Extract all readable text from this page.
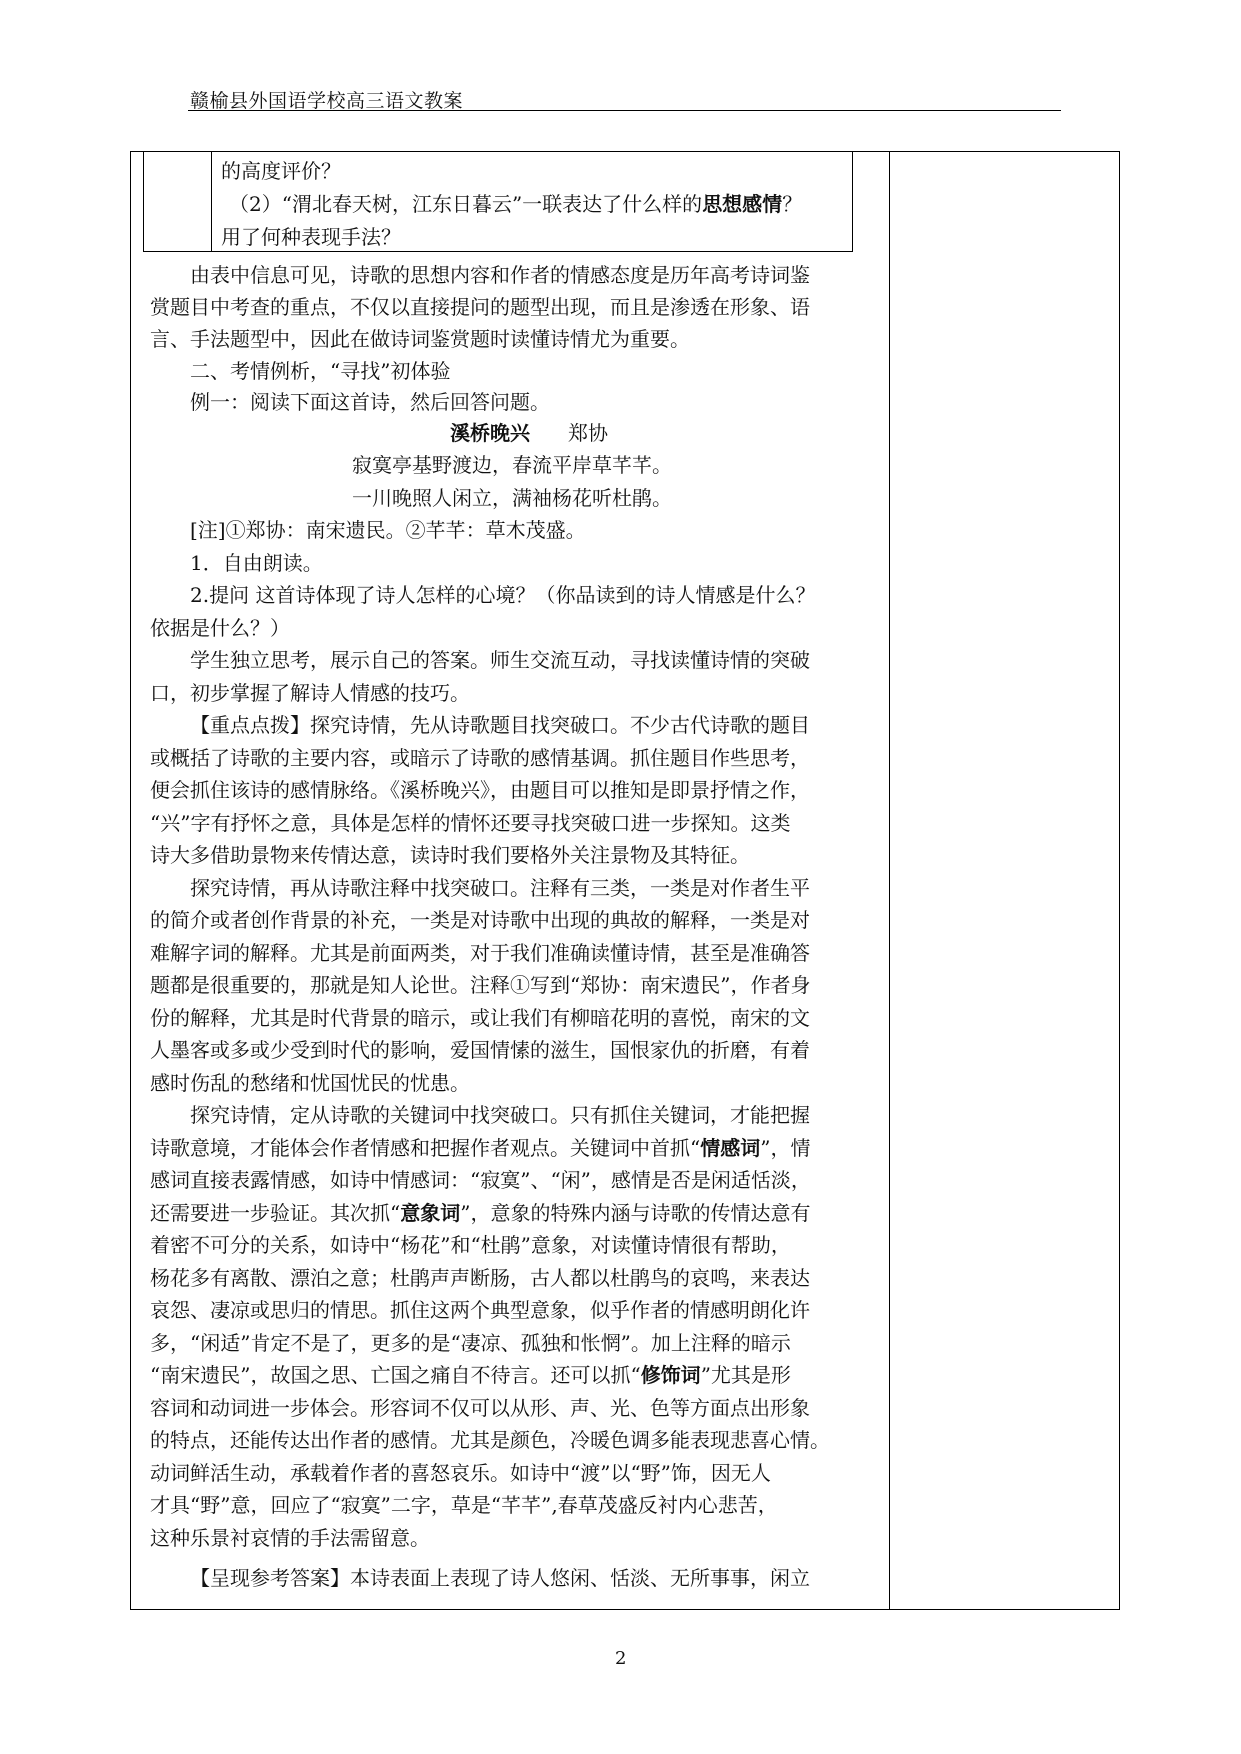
赣榆县外国语学校高三语文教案
的高度评价？
（2）“渭北春天树，江东日暮云”一联表达了什么样的思想感情？
用了何种表现手法？
由表中信息可见，诗歌的思想内容和作者的情感态度是历年高考诗词鉴
赏题目中考查的重点，不仅以直接提问的题型出现，而且是渗透在形象、语
言、手法题型中，因此在做诗词鉴赏题时读懂诗情尤为重要。
二、考情例析，“寻找”初体验
例一：阅读下面这首诗，然后回答问题。
溪桥晚兴 郑协
寂寞亭基野渡边，春流平岸草芊芊。
一川晚照人闲立，满袖杨花听杜鹃。
[注]①郑协：南宋遗民。②芊芊：草木茂盛。
1．自由朗读。
2.提问 这首诗体现了诗人怎样的心境？（你品读到的诗人情感是什么？
依据是什么？）
学生独立思考，展示自己的答案。师生交流互动，寻找读懂诗情的突破
口，初步掌握了解诗人情感的技巧。
【重点点拨】探究诗情，先从诗歌题目找突破口。不少古代诗歌的题目
或概括了诗歌的主要内容，或暗示了诗歌的感情基调。抓住题目作些思考，
便会抓住该诗的感情脉络。《溪桥晚兴》，由题目可以推知是即景抒情之作，
“兴”字有抒怀之意，具体是怎样的情怀还要寻找突破口进一步探知。这类
诗大多借助景物来传情达意，读诗时我们要格外关注景物及其特征。
探究诗情，再从诗歌注释中找突破口。注释有三类，一类是对作者生平
的简介或者创作背景的补充，一类是对诗歌中出现的典故的解释，一类是对
难解字词的解释。尤其是前面两类，对于我们准确读懂诗情，甚至是准确答
题都是很重要的，那就是知人论世。注释①写到“郑协：南宋遗民”，作者身
份的解释，尤其是时代背景的暗示，或让我们有柳暗花明的喜悦，南宋的文
人墨客或多或少受到时代的影响，爱国情愫的滋生，国恨家仇的折磨，有着
感时伤乱的愁绪和忧国忧民的忧患。
探究诗情，定从诗歌的关键词中找突破口。只有抓住关键词，才能把握
诗歌意境，才能体会作者情感和把握作者观点。关键词中首抓“情感词”，情
感词直接表露情感，如诗中情感词：“寂寞”、“闲”，感情是否是闲适恬淡，
还需要进一步验证。其次抓“意象词”，意象的特殊内涵与诗歌的传情达意有
着密不可分的关系，如诗中“杨花”和“杜鹃”意象，对读懂诗情很有帮助，
杨花多有离散、漂泊之意；杜鹃声声断肠，古人都以杜鹃鸟的哀鸣，来表达
哀怨、凄凉或思归的情思。抓住这两个典型意象，似乎作者的情感明朗化许
多，“闲适”肯定不是了，更多的是“凄凉、孤独和怅惘”。加上注释的暗示
“南宋遗民”，故国之思、亡国之痛自不待言。还可以抓“修饰词”尤其是形
容词和动词进一步体会。形容词不仅可以从形、声、光、色等方面点出形象
的特点，还能传达出作者的感情。尤其是颜色，冷暖色调多能表现悲喜心情。
动词鲜活生动，承载着作者的喜怒哀乐。如诗中“渡”以“野”饰，因无人
才具“野”意，回应了“寂寞”二字，草是“芊芊”,春草茂盛反衬内心悲苦，
这种乐景衬哀情的手法需留意。
【呈现参考答案】本诗表面上表现了诗人悠闲、恬淡、无所事事，闲立
2
